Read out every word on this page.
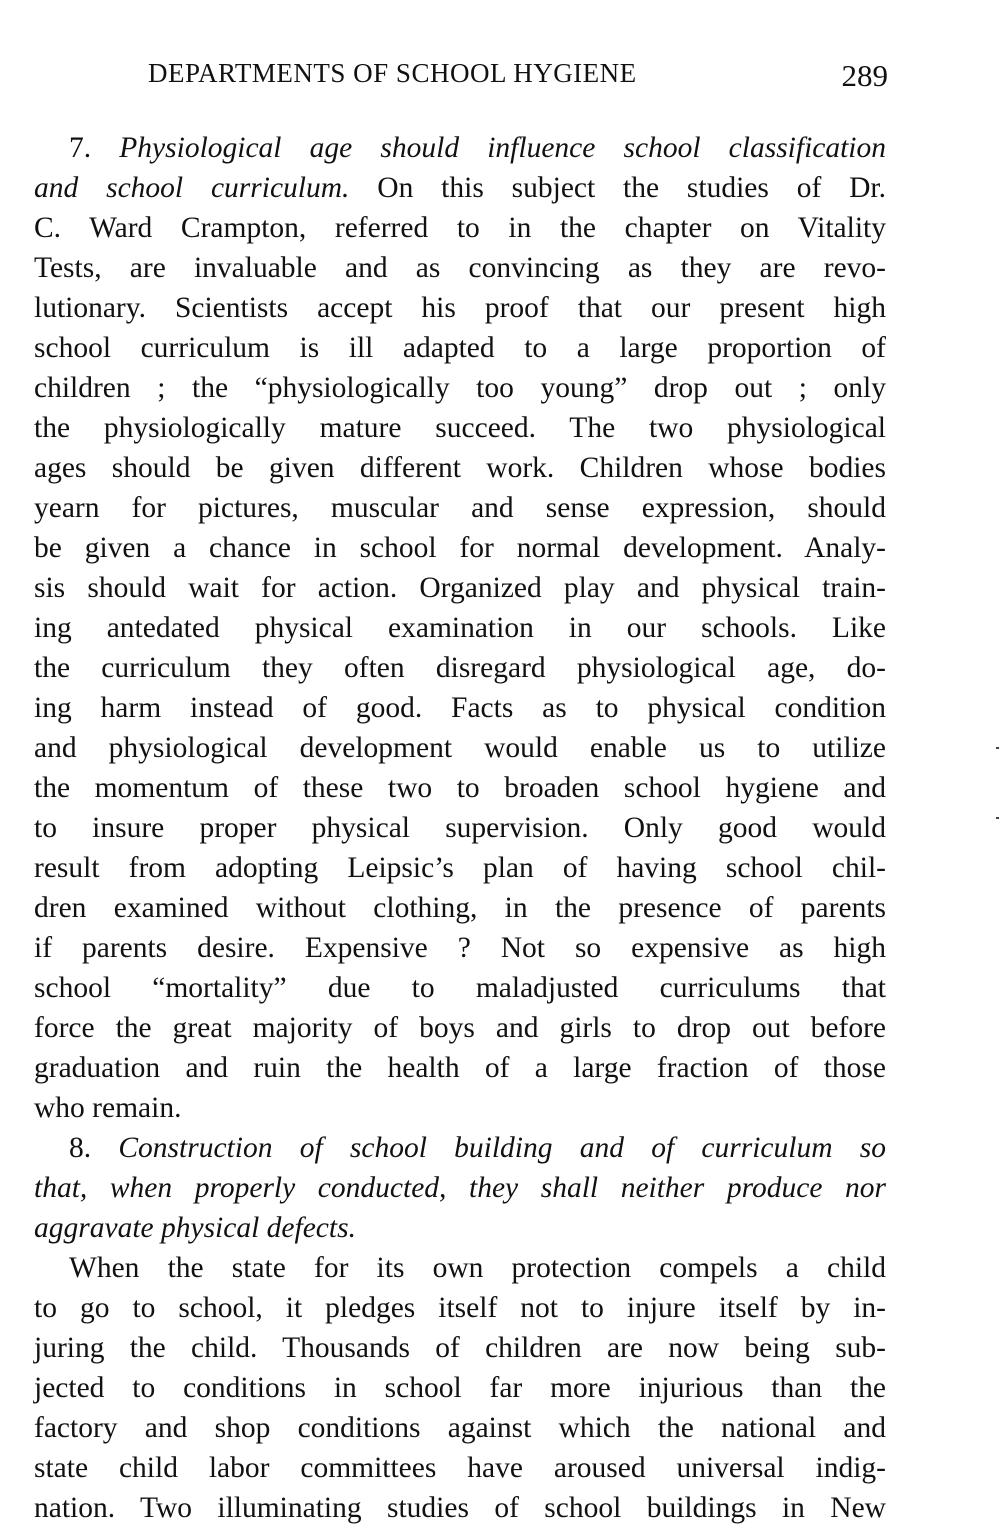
DEPARTMENTS OF SCHOOL HYGIENE	289
7. Physiological age should influence school classification
and school curriculum. On this subject the studies of Dr.
C. Ward Crampton, referred to in the chapter on Vitality
Tests, are invaluable and as convincing as they are revo-
lutionary. Scientists accept his proof that our present high
school curriculum is ill adapted to a large proportion of
children ; the “physiologically too young” drop out ; only
the physiologically mature succeed. The two physiological
ages should be given different work. Children whose bodies
yearn for pictures, muscular and sense expression, should
be given a chance in school for normal development. Analy-
sis should wait for action. Organized play and physical train-
ing antedated physical examination in our schools. Like
the curriculum they often disregard physiological age, do-
ing harm instead of good. Facts as to physical condition
and physiological development would enable us to utilize
the momentum of these two to broaden school hygiene and
to insure proper physical supervision. Only good would
result from adopting Leipsic’s plan of having school chil-
dren examined without clothing, in the presence of parents
if parents desire. Expensive ? Not so expensive as high
school “mortality” due to maladjusted curriculums that
force the great majority of boys and girls to drop out before
graduation and ruin the health of a large fraction of those
who remain.
8. Construction of school building and of curriculum so
that, when properly conducted, they shall neither produce nor
aggravate physical defects.
When the state for its own protection compels a child
to go to school, it pledges itself not to injure itself by in-
juring the child. Thousands of children are now being sub-
jected to conditions in school far more injurious than the
factory and shop conditions against which the national and
state child labor committees have aroused universal indig-
nation. Two illuminating studies of school buildings in New
